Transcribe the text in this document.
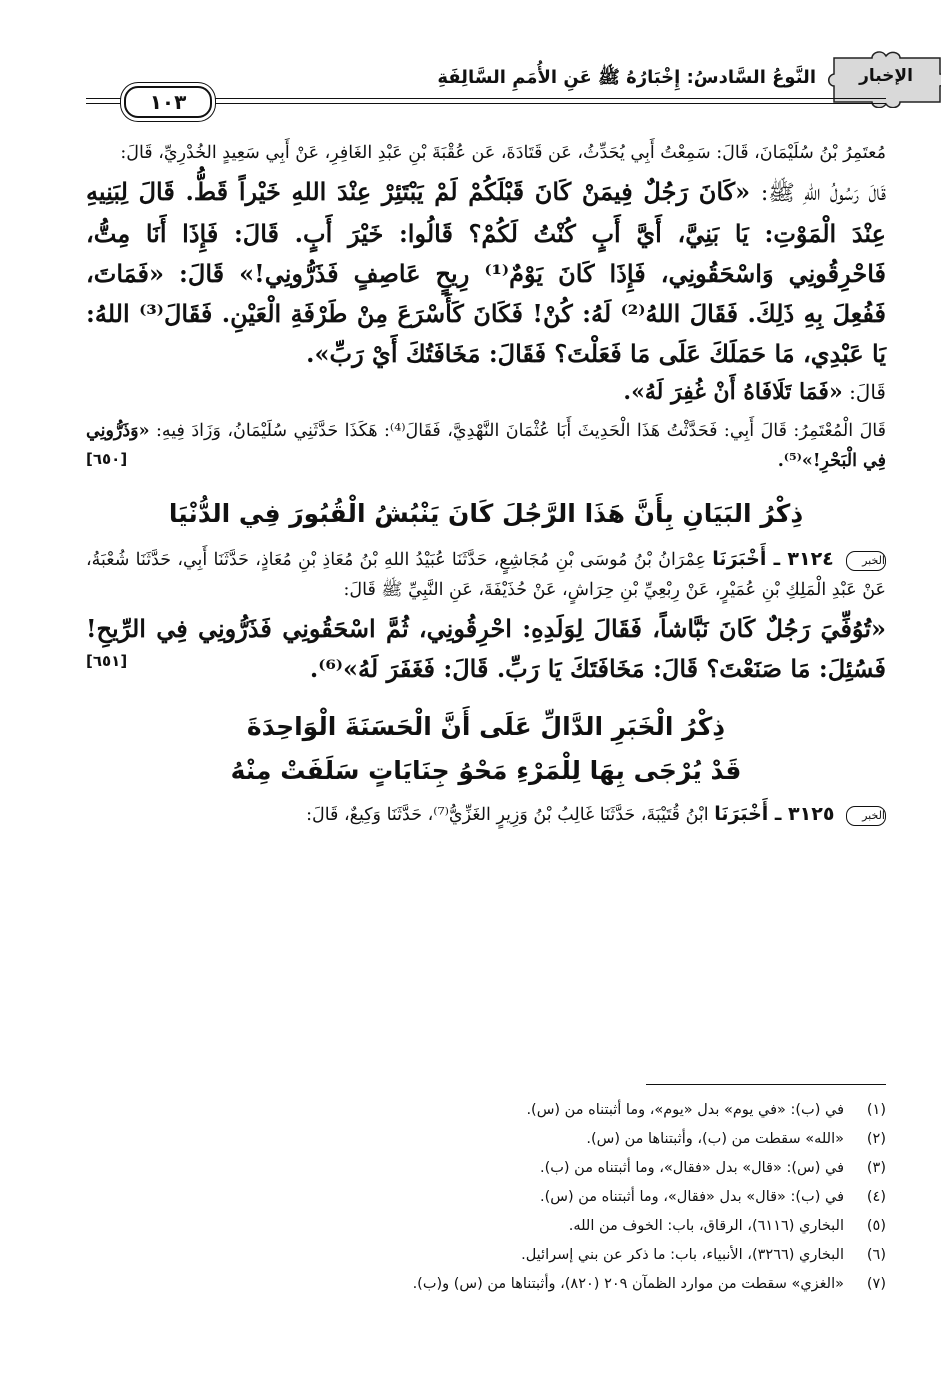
الإخبار
النَّوعُ السَّادسُ: إِخْبَارُهُ ﷺ عَنِ الأُمَمِ السَّالِفَةِ
١٠٣

مُعتَمِرُ بْنُ سُلَيْمَانَ، قَالَ: سَمِعْتُ أَبِي يُحَدِّثُ، عَن قَتَادَةَ، عَن عُقْبَةَ بْنِ عَبْدِ الغَافِرِ، عَنْ أَبِي سَعِيدٍ الخُدْرِيِّ، قَالَ:

قَالَ رَسُولُ اللهِ ﷺ: «كَانَ رَجُلٌ فِيمَنْ كَانَ قَبْلَكُمْ لَمْ يَبْتَئِرْ عِنْدَ اللهِ خَيْراً قَطُّ. قَالَ لِبَنِيهِ عِنْدَ الْمَوْتِ: يَا بَنِيَّ، أَيَّ أَبٍ كُنْتُ لَكُمْ؟ قَالُوا: خَيْرَ أَبٍ. قَالَ: فَإِذَا أَنَا مِتُّ، فَاحْرِقُونِي وَاسْحَقُونِي، فَإِذَا كَانَ يَوْمٌ⁽¹⁾ رِيحٍ عَاصِفٍ فَذَرُّونِي!» قَالَ: «فَمَاتَ، فَفُعِلَ بِهِ ذَلِكَ. فَقَالَ اللهُ⁽²⁾ لَهُ: كُنْ! فَكَانَ كَأَسْرَعَ مِنْ طَرْفَةِ الْعَيْنِ. فَقَالَ⁽³⁾ اللهُ: يَا عَبْدِي، مَا حَمَلَكَ عَلَى مَا فَعَلْتَ؟ فَقَالَ: مَخَافَتُكَ أَيْ رَبِّ».

قَالَ: «فَمَا تَلَافَاهُ أَنْ غُفِرَ لَهُ».

قَالَ الْمُعْتَمِرُ: قَالَ أَبِي: فَحَدَّثْتُ هَذَا الْحَدِيثَ أَبَا عُثْمَانَ النَّهْدِيَّ، فَقَالَ⁽⁴⁾: هَكَذَا حَدَّثَنِي سُلَيْمَانُ، وَزَادَ فِيهِ: «وَذَرُّونِي فِي الْبَحْرِ!»⁽⁵⁾.
[٦٥٠]

ذِكْرُ البَيَانِ بِأَنَّ هَذَا الرَّجُلَ كَانَ يَنْبُشُ الْقُبُورَ فِي الدُّنْيَا

الخبر ٣١٢٤ ـ أَخْبَرَنَا عِمْرَانُ بْنُ مُوسَى بْنِ مُجَاشِعٍ، حَدَّثَنَا عُبَيْدُ اللهِ بْنُ مُعَاذِ بْنِ مُعَاذٍ، حَدَّثَنَا أَبِي، حَدَّثَنَا شُعْبَةُ، عَنْ عَبْدِ الْمَلِكِ بْنِ عُمَيْرٍ، عَنْ رِبْعِيِّ بْنِ حِرَاشٍ، عَنْ حُذَيْفَةَ، عَنِ النَّبِيِّ ﷺ قَالَ:

«تُوُفِّيَ رَجُلٌ كَانَ نَبَّاشاً، فَقَالَ لِوَلَدِهِ: احْرِقُونِي، ثُمَّ اسْحَقُونِي فَذَرُّونِي فِي الرِّيحِ! فَسُئِلَ: مَا صَنَعْتَ؟ قَالَ: مَخَافَتَكَ يَا رَبِّ. قَالَ: فَغَفَرَ لَهُ»⁽⁶⁾.
[٦٥١]

ذِكْرُ الْخَبَرِ الدَّالِّ عَلَى أَنَّ الْحَسَنَةَ الْوَاحِدَةَ
قَدْ يُرْجَى بِهَا لِلْمَرْءِ مَحْوُ جِنَايَاتٍ سَلَفَتْ مِنْهُ

الخبر ٣١٢٥ ـ أَخْبَرَنَا ابْنُ قُتَيْبَةَ، حَدَّثَنَا غَالِبُ بْنُ وَزِيرٍ الغَزِّيُّ⁽⁷⁾، حَدَّثَنَا وَكِيعٌ، قَالَ:

(١)
في (ب): «في يوم» بدل «يوم»، وما أثبتناه من (س).
(٢)
«الله» سقطت من (ب)، وأثبتناها من (س).
(٣)
في (س): «قال» بدل «فقال»، وما أثبتناه من (ب).
(٤)
في (ب): «قال» بدل «فقال»، وما أثبتناه من (س).
(٥)
البخاري (٦١١٦)، الرقاق، باب: الخوف من الله.
(٦)
البخاري (٣٢٦٦)، الأنبياء، باب: ما ذكر عن بني إسرائيل.
(٧)
«الغزي» سقطت من موارد الظمآن ٢٠٩ (٨٢٠)، وأثبتناها من (س) و(ب).
